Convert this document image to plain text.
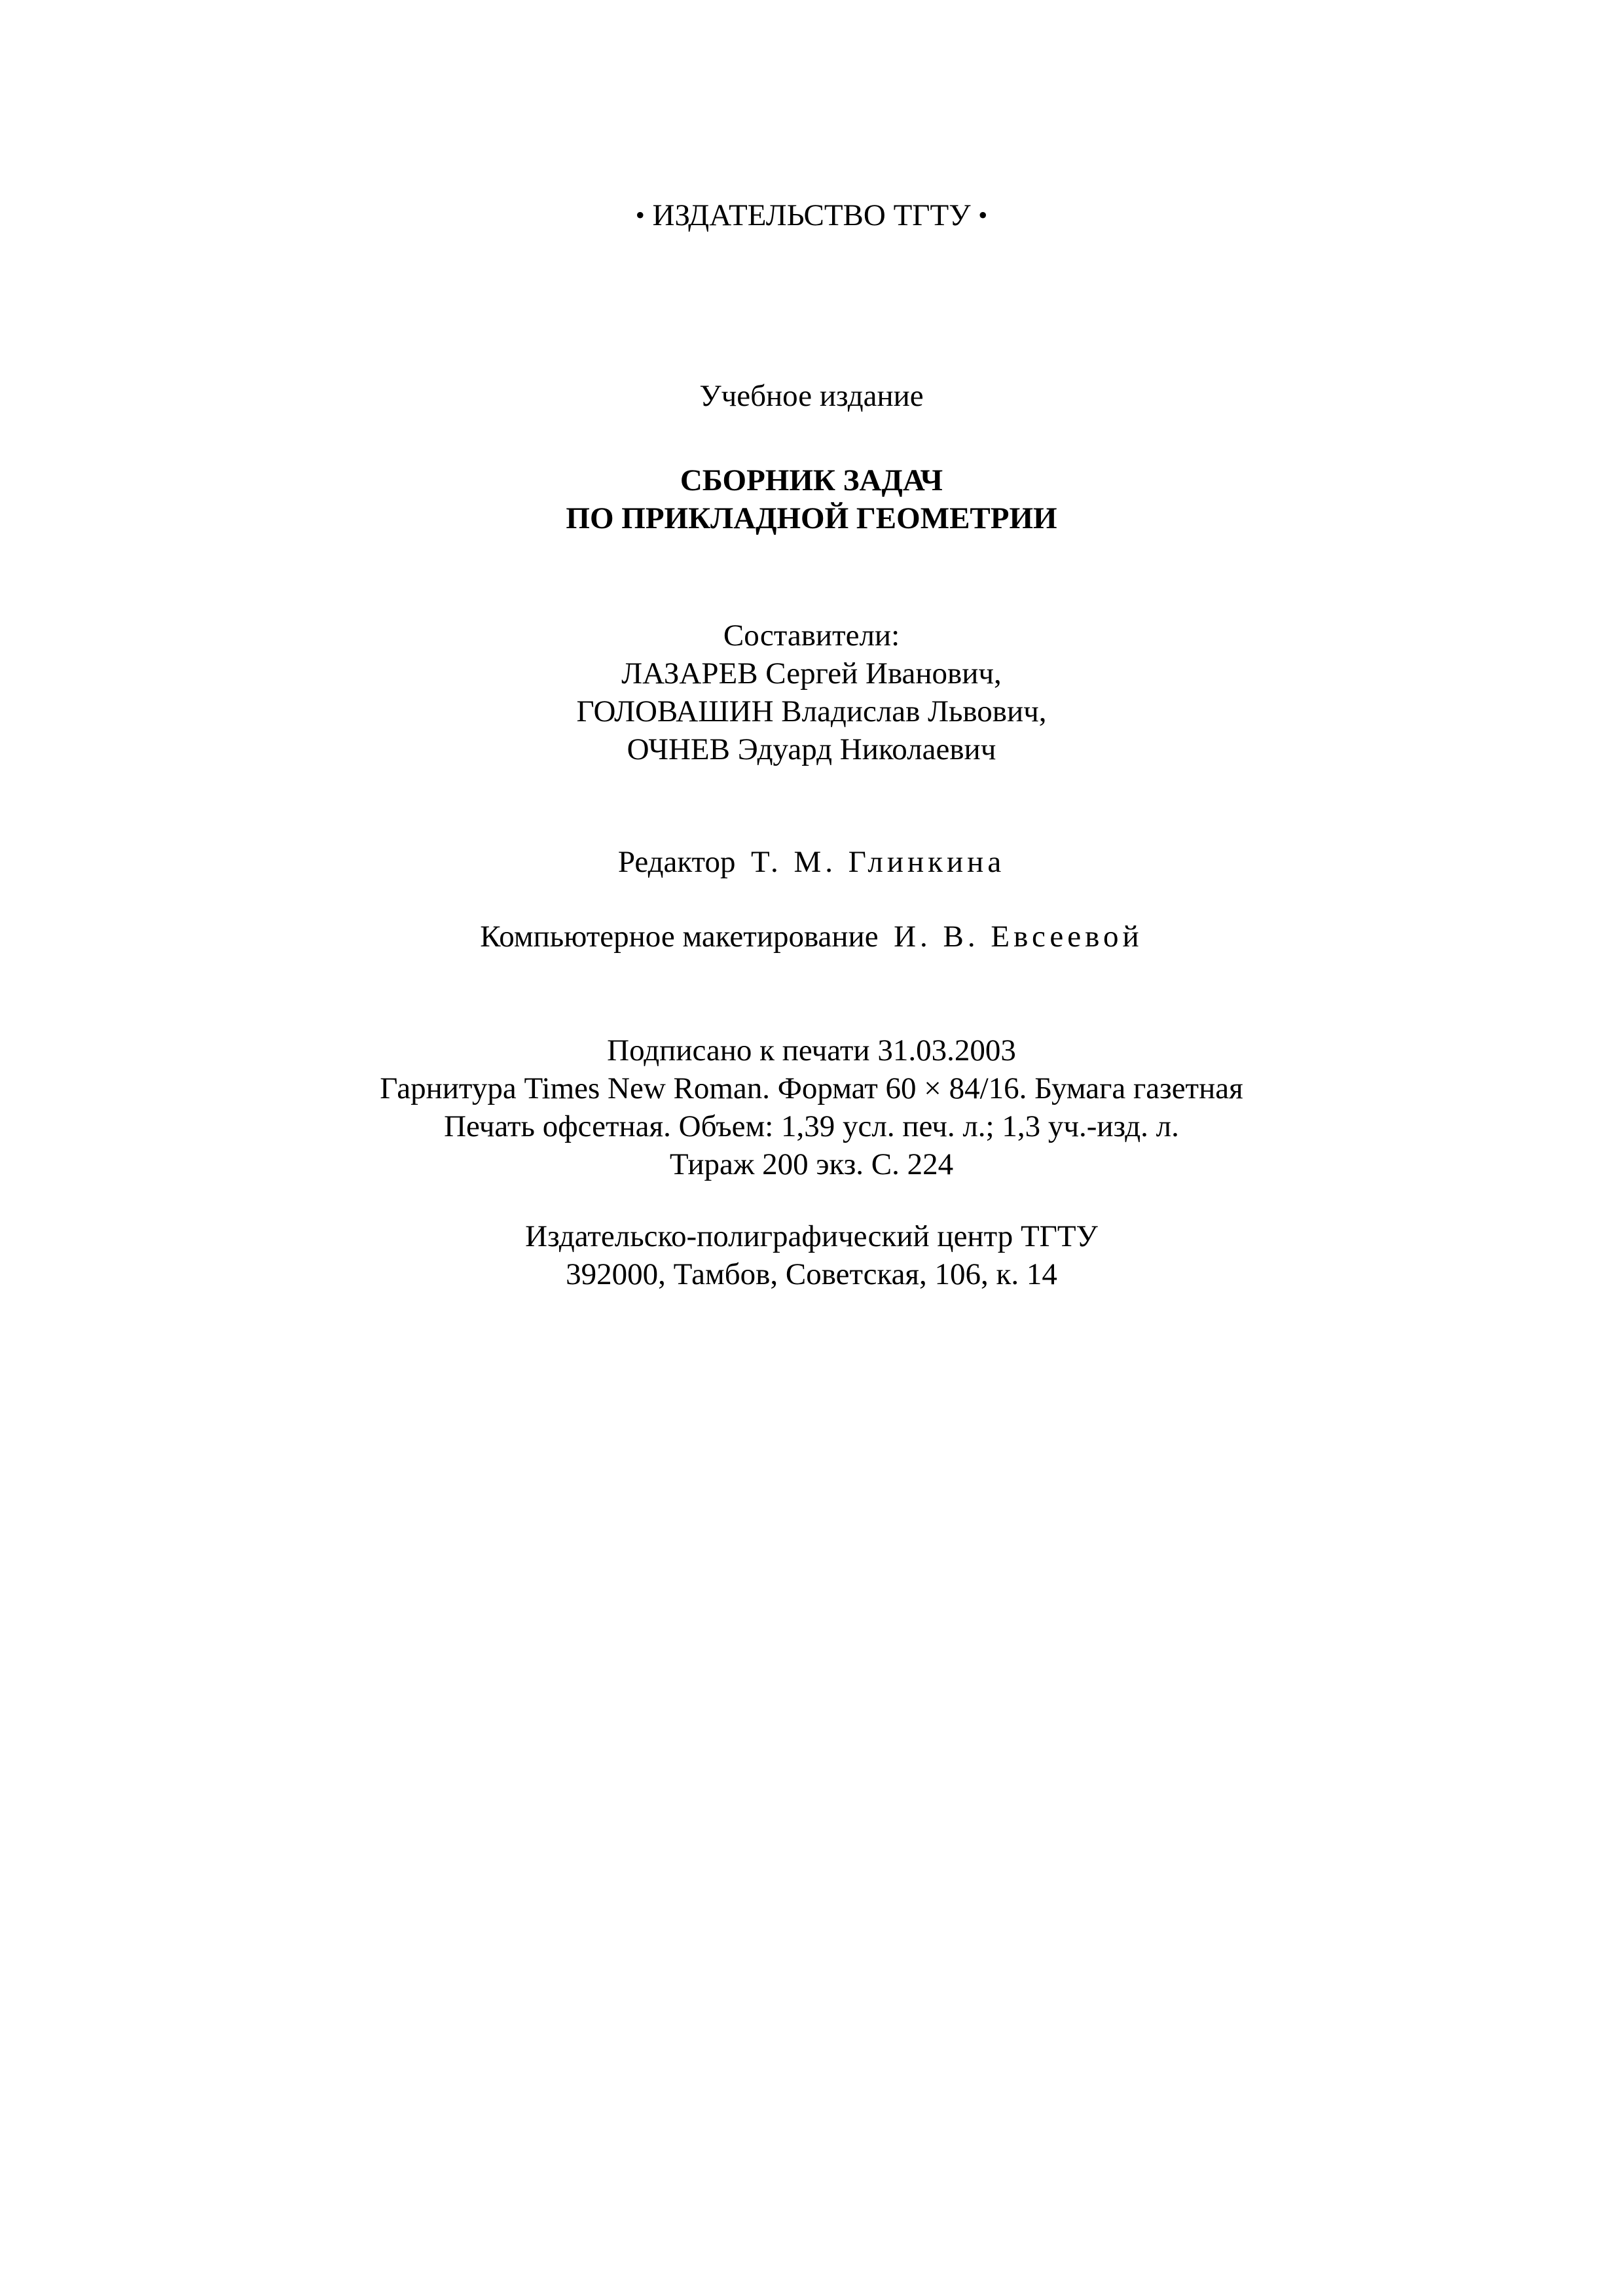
• ИЗДАТЕЛЬСТВО ТГТУ •
Учебное издание
СБОРНИК ЗАДАЧ
ПО ПРИКЛАДНОЙ ГЕОМЕТРИИ
Составители:
ЛАЗАРЕВ Сергей Иванович,
ГОЛОВАШИН Владислав Львович,
ОЧНЕВ Эдуард Николаевич
Редактор Т. М. Глинкина
Компьютерное макетирование И. В. Евсеевой
Подписано к печати 31.03.2003
Гарнитура Times New Roman. Формат 60 × 84/16. Бумага газетная
Печать офсетная. Объем: 1,39 усл. печ. л.; 1,3 уч.-изд. л.
Тираж 200 экз. С. 224
Издательско-полиграфический центр ТГТУ
392000, Тамбов, Советская, 106, к. 14
